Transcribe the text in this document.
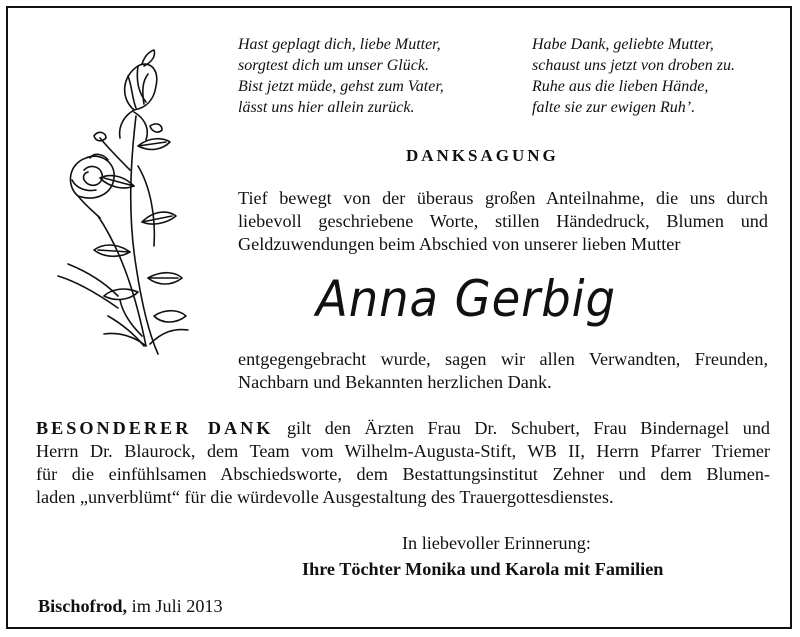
Hast geplagt dich, liebe Mutter,
sorgtest dich um unser Glück.
Bist jetzt müde, gehst zum Vater,
lässt uns hier allein zurück.
Habe Dank, geliebte Mutter,
schaust uns jetzt von droben zu.
Ruhe aus die lieben Hände,
falte sie zur ewigen Ruh’.
DANKSAGUNG
Tief bewegt von der überaus großen Anteilnahme, die uns durch
liebevoll geschriebene Worte, stillen Händedruck, Blumen und
Geldzuwendungen beim Abschied von unserer lieben Mutter
Anna Gerbig
entgegengebracht wurde, sagen wir allen Verwandten, Freunden,
Nachbarn und Bekannten herzlichen Dank.
BESONDERER DANK gilt den Ärzten Frau Dr. Schubert, Frau Bindernagel und
Herrn Dr. Blaurock, dem Team vom Wilhelm-Augusta-Stift, WB II, Herrn Pfarrer Triemer
für die einfühlsamen Abschiedsworte, dem Bestattungsinstitut Zehner und dem Blumen-
laden „unverblümt“ für die würdevolle Ausgestaltung des Trauergottesdienstes.
In liebevoller Erinnerung:
Ihre Töchter Monika und Karola mit Familien
Bischofrod, im Juli 2013
